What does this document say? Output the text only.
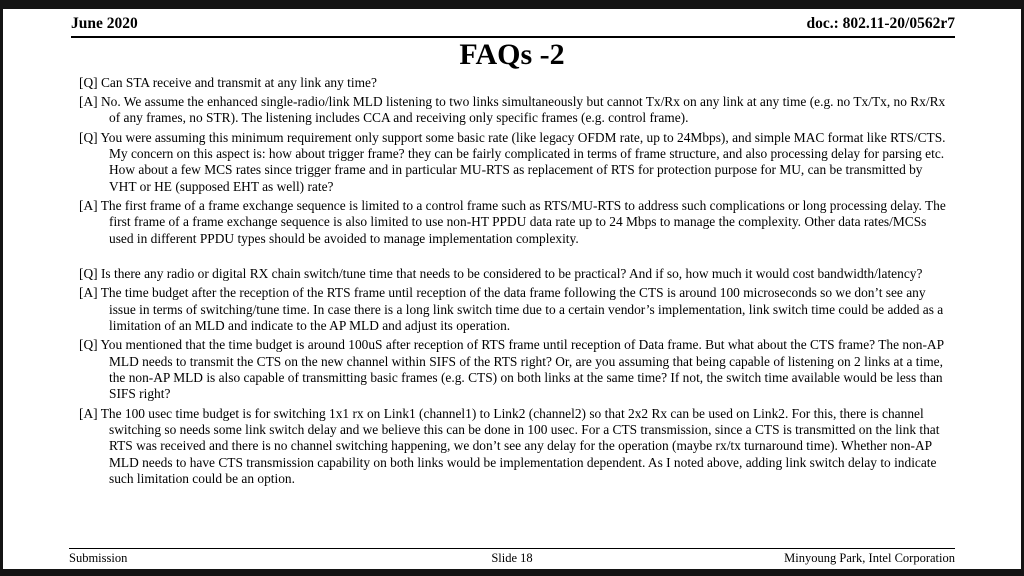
June 2020	doc.: 802.11-20/0562r7
FAQs -2
[Q] Can STA receive and transmit at any link any time?
[A] No. We assume the enhanced single-radio/link MLD listening to two links simultaneously but cannot Tx/Rx on any link at any time (e.g. no Tx/Tx, no Rx/Rx of any frames, no STR). The listening includes CCA and receiving only specific frames (e.g. control frame).
[Q] You were assuming this minimum requirement only support some basic rate (like legacy OFDM rate, up to 24Mbps), and simple MAC format like RTS/CTS. My concern on this aspect is: how about trigger frame? they can be fairly complicated in terms of frame structure, and also processing delay for parsing etc. How about a few MCS rates since trigger frame and in particular MU-RTS as replacement of RTS for protection purpose for MU, can be transmitted by VHT or HE (supposed EHT as well) rate?
[A] The first frame of a frame exchange sequence is limited to a control frame such as RTS/MU-RTS to address such complications or long processing delay. The first frame of a frame exchange sequence is also limited to use non-HT PPDU data rate up to 24 Mbps to manage the complexity. Other data rates/MCSs used in different PPDU types should be avoided to manage implementation complexity.
[Q] Is there any radio or digital RX chain switch/tune time that needs to be considered to be practical? And if so, how much it would cost bandwidth/latency?
[A] The time budget after the reception of the RTS frame until reception of the data frame following the CTS is around 100 microseconds so we don’t see any issue in terms of switching/tune time. In case there is a long link switch time due to a certain vendor’s implementation, link switch time could be added as a limitation of an MLD and indicate to the AP MLD and adjust its operation.
[Q] You mentioned that the time budget is around 100uS after reception of RTS frame until reception of Data frame. But what about the CTS frame? The non-AP MLD needs to transmit the CTS on the new channel within SIFS of the RTS right? Or, are you assuming that being capable of listening on 2 links at a time, the non-AP MLD is also capable of transmitting basic frames (e.g. CTS) on both links at the same time? If not, the switch time available would be less than SIFS right?
[A] The 100 usec time budget is for switching 1x1 rx on Link1 (channel1) to Link2 (channel2) so that 2x2 Rx can be used on Link2. For this, there is channel switching so needs some link switch delay and we believe this can be done in 100 usec. For a CTS transmission, since a CTS is transmitted on the link that RTS was received and there is no channel switching happening, we don’t see any delay for the operation (maybe rx/tx turnaround time). Whether non-AP MLD needs to have CTS transmission capability on both links would be implementation dependent. As I noted above, adding link switch delay to indicate such limitation could be an option.
Submission	Slide 18	Minyoung Park, Intel Corporation
